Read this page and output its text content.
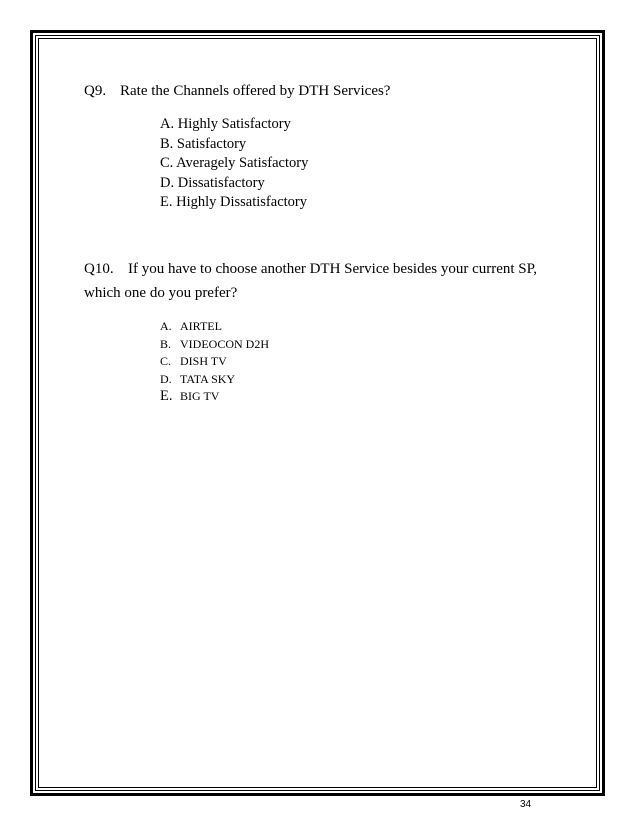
Q9. Rate the Channels offered by DTH Services?

A. Highly Satisfactory
B. Satisfactory
C. Averagely Satisfactory
D. Dissatisfactory
E. Highly Dissatisfactory

Q10. If you have to choose another DTH Service besides your current SP,

which one do you prefer?

A. AIRTEL
B. VIDEOCON D2H
C. DISH TV
D. TATA SKY
E. BIG TV
34
